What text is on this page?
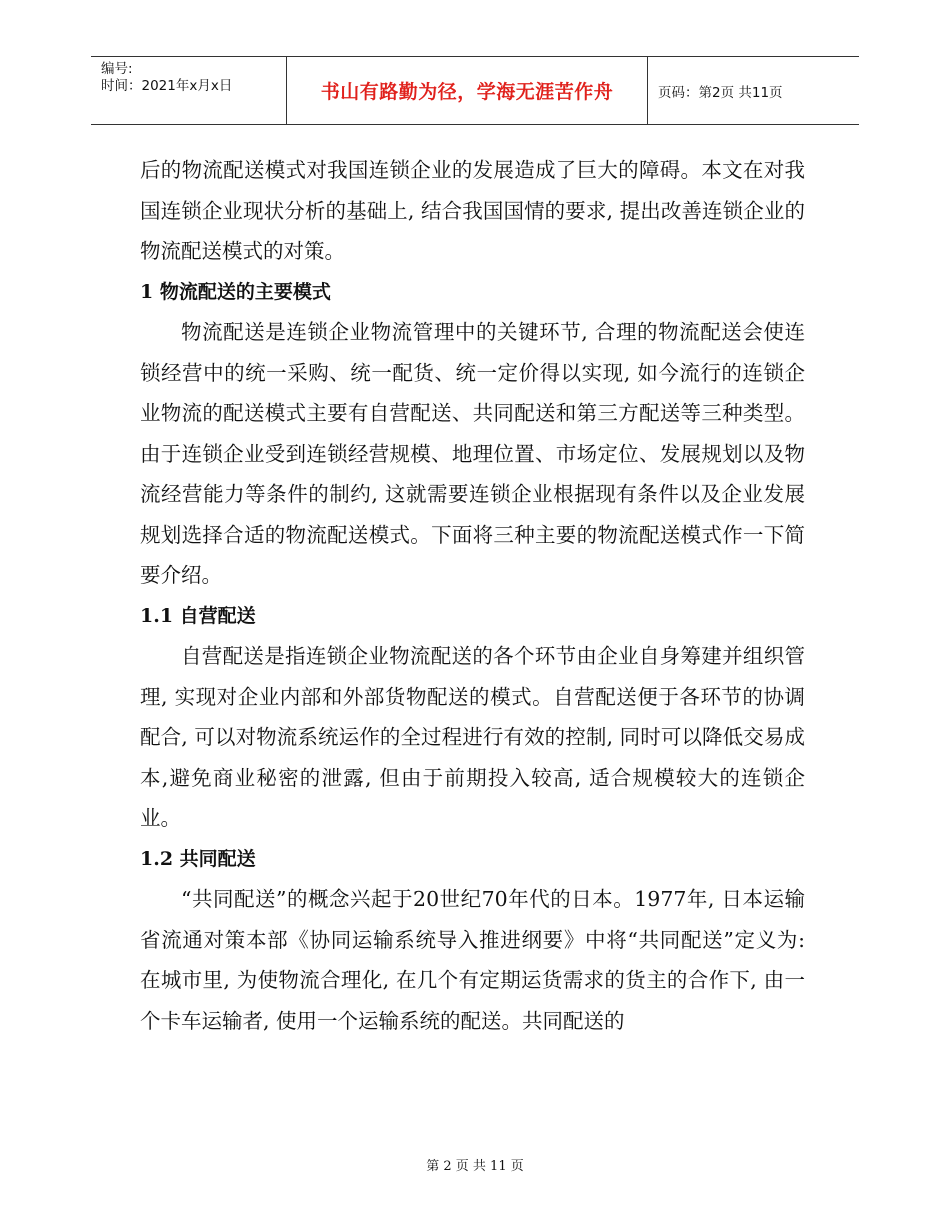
编号:
时间：2021年x月x日	书山有路勤为径，学海无涯苦作舟	页码：第2页 共11页

后的物流配送模式对我国连锁企业的发展造成了巨大的障碍。本文在对我国连锁企业现状分析的基础上, 结合我国国情的要求, 提出改善连锁企业的物流配送模式的对策。

1 物流配送的主要模式

物流配送是连锁企业物流管理中的关键环节, 合理的物流配送会使连锁经营中的统一采购、统一配货、统一定价得以实现, 如今流行的连锁企业物流的配送模式主要有自营配送、共同配送和第三方配送等三种类型。由于连锁企业受到连锁经营规模、地理位置、市场定位、发展规划以及物流经营能力等条件的制约, 这就需要连锁企业根据现有条件以及企业发展规划选择合适的物流配送模式。下面将三种主要的物流配送模式作一下简要介绍。

1.1 自营配送

自营配送是指连锁企业物流配送的各个环节由企业自身筹建并组织管理, 实现对企业内部和外部货物配送的模式。自营配送便于各环节的协调配合, 可以对物流系统运作的全过程进行有效的控制, 同时可以降低交易成本,避免商业秘密的泄露, 但由于前期投入较高, 适合规模较大的连锁企业。

1.2 共同配送

“共同配送”的概念兴起于20世纪70年代的日本。1977年, 日本运输省流通对策本部《协同运输系统导入推进纲要》中将“共同配送”定义为: 在城市里, 为使物流合理化, 在几个有定期运货需求的货主的合作下, 由一个卡车运输者, 使用一个运输系统的配送。共同配送的

第 2 页 共 11 页
